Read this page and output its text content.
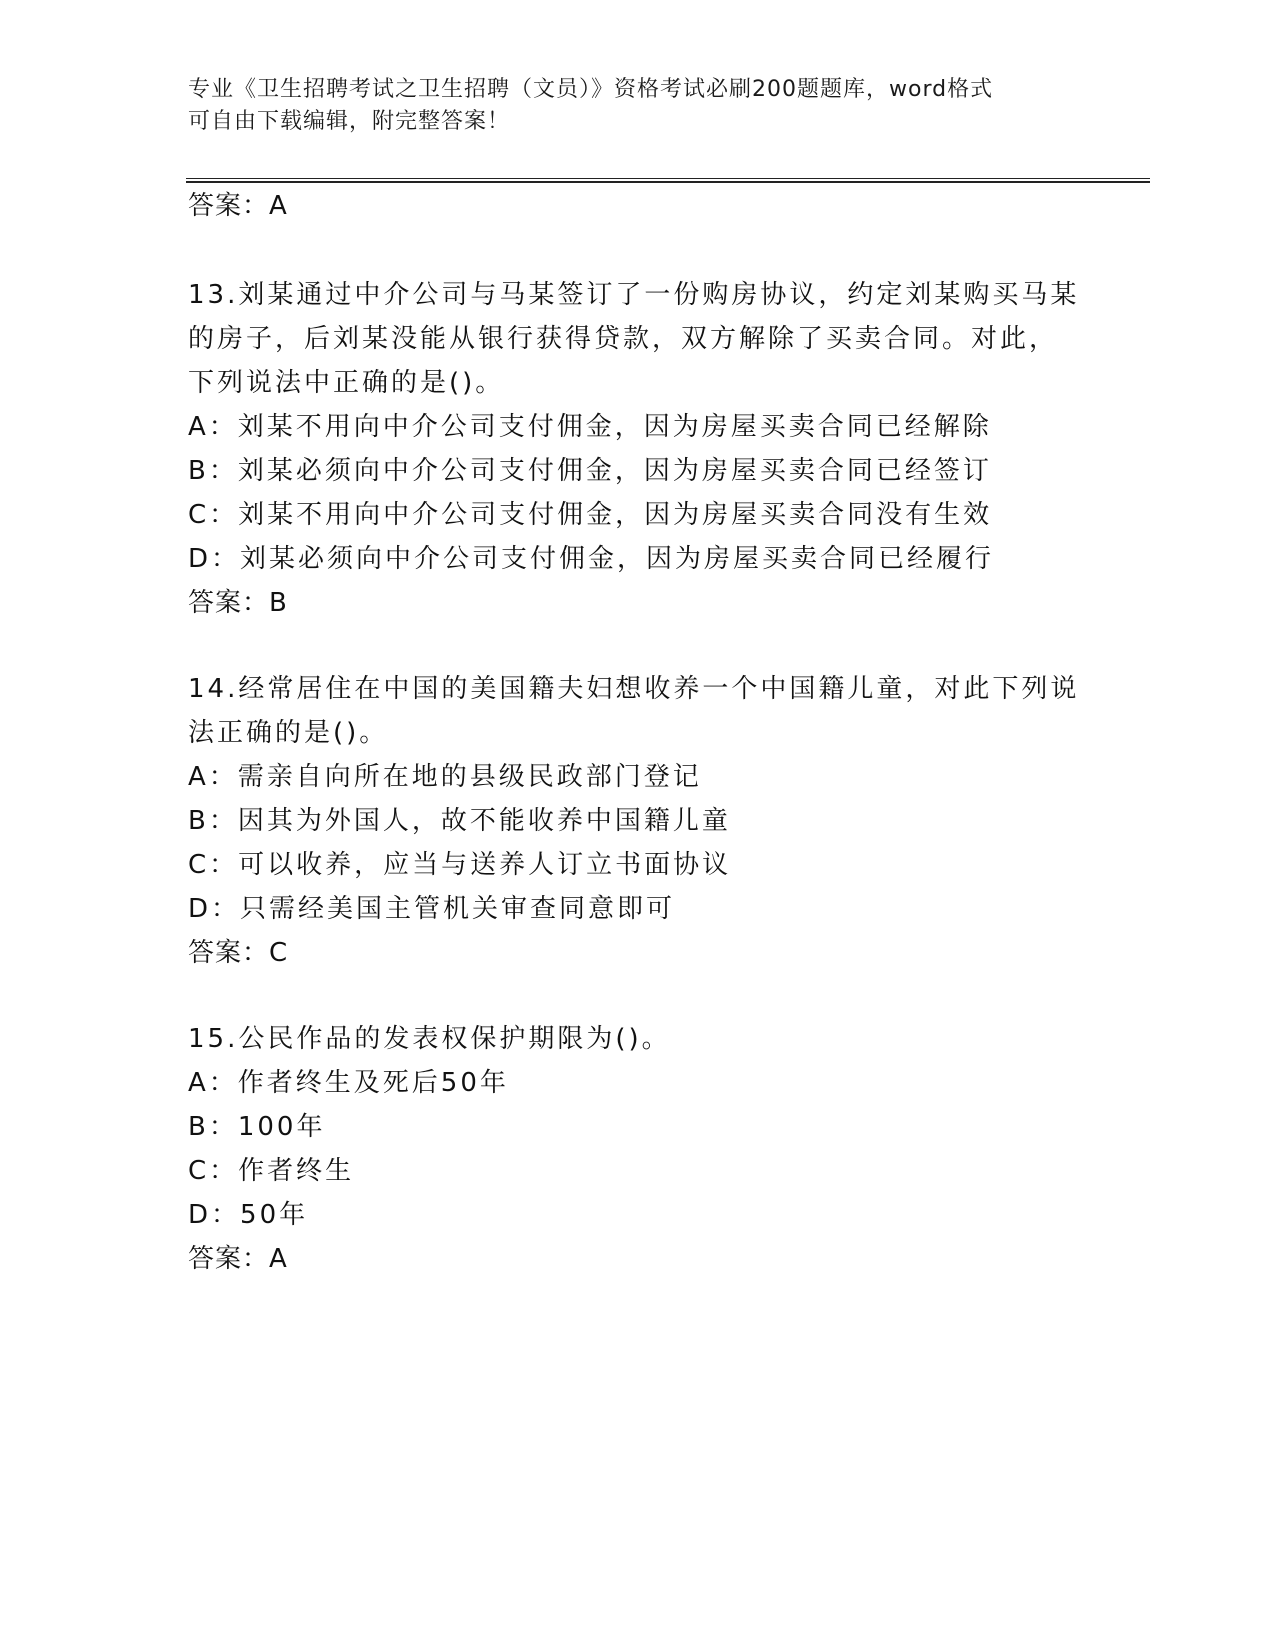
专业《卫生招聘考试之卫生招聘（文员）》资格考试必刷200题题库，word格式
可自由下载编辑，附完整答案！
答案：A
13.刘某通过中介公司与马某签订了一份购房协议，约定刘某购买马某
的房子，后刘某没能从银行获得贷款，双方解除了买卖合同。对此，
下列说法中正确的是()。
A：刘某不用向中介公司支付佣金，因为房屋买卖合同已经解除
B：刘某必须向中介公司支付佣金，因为房屋买卖合同已经签订
C：刘某不用向中介公司支付佣金，因为房屋买卖合同没有生效
D：刘某必须向中介公司支付佣金，因为房屋买卖合同已经履行
答案：B
14.经常居住在中国的美国籍夫妇想收养一个中国籍儿童，对此下列说
法正确的是()。
A：需亲自向所在地的县级民政部门登记
B：因其为外国人，故不能收养中国籍儿童
C：可以收养，应当与送养人订立书面协议
D：只需经美国主管机关审查同意即可
答案：C
15.公民作品的发表权保护期限为()。
A：作者终生及死后50年
B：100年
C：作者终生
D：50年
答案：A
